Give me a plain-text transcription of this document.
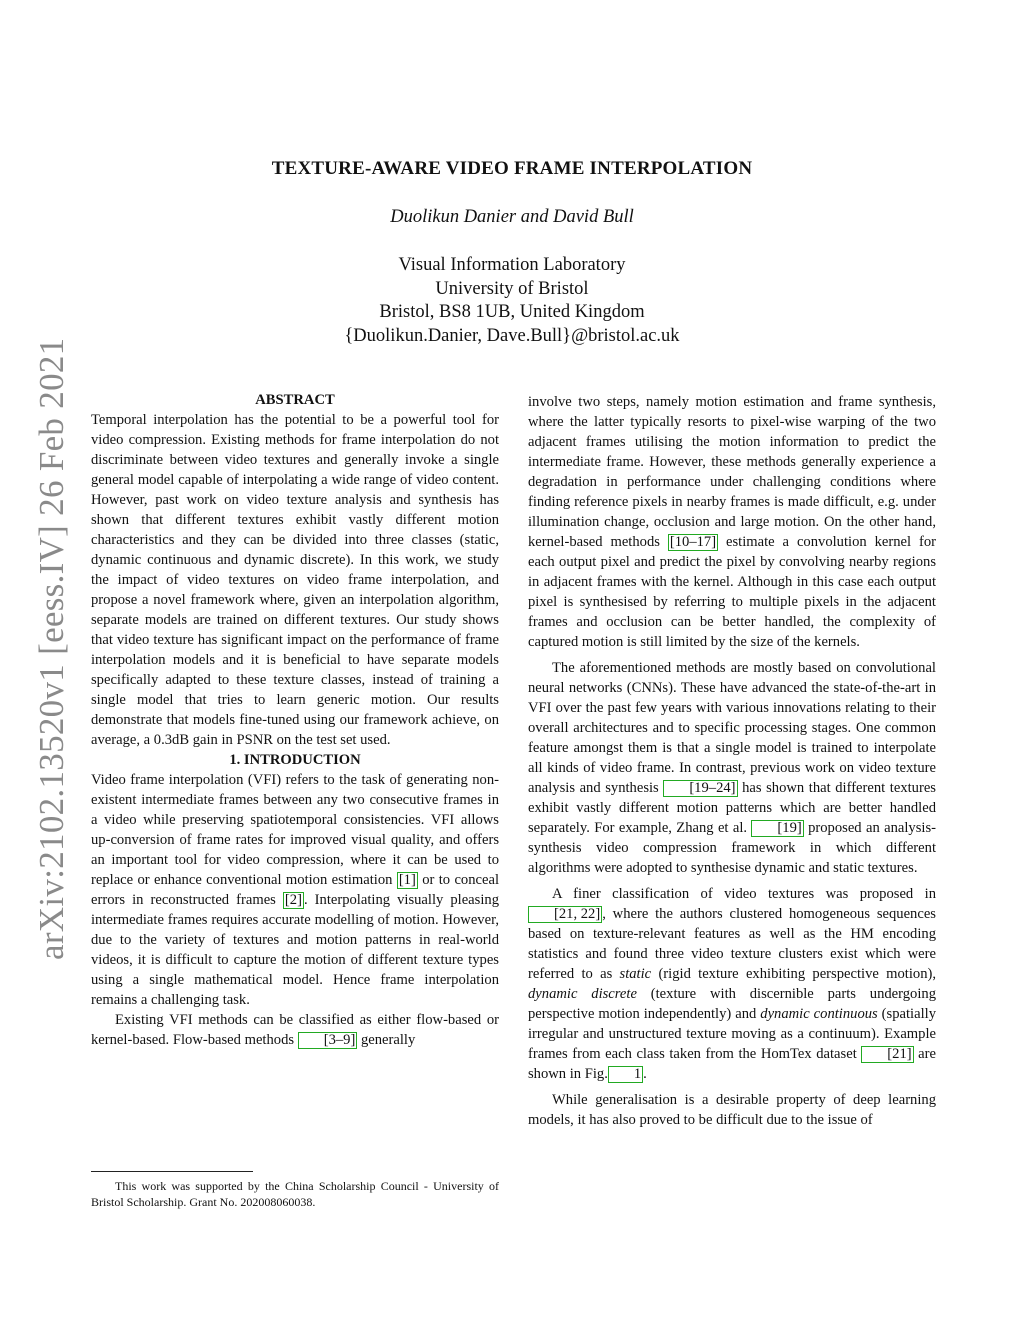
arXiv:2102.13520v1 [eess.IV] 26 Feb 2021
TEXTURE-AWARE VIDEO FRAME INTERPOLATION
Duolikun Danier and David Bull
Visual Information Laboratory
University of Bristol
Bristol, BS8 1UB, United Kingdom
{Duolikun.Danier, Dave.Bull}@bristol.ac.uk

ABSTRACT

Temporal interpolation has the potential to be a powerful tool for video compression. Existing methods for frame interpolation do not discriminate between video textures and generally invoke a single general model capable of interpolating a wide range of video content. However, past work on video texture analysis and synthesis has shown that different textures exhibit vastly different motion characteristics and they can be divided into three classes (static, dynamic continuous and dynamic discrete). In this work, we study the impact of video textures on video frame interpolation, and propose a novel framework where, given an interpolation algorithm, separate models are trained on different textures. Our study shows that video texture has significant impact on the performance of frame interpolation models and it is beneficial to have separate models specifically adapted to these texture classes, instead of training a single model that tries to learn generic motion. Our results demonstrate that models fine-tuned using our framework achieve, on average, a 0.3dB gain in PSNR on the test set used.

1. INTRODUCTION

Video frame interpolation (VFI) refers to the task of generating non-existent intermediate frames between any two consecutive frames in a video while preserving spatiotemporal consistencies. VFI allows up-conversion of frame rates for improved visual quality, and offers an important tool for video compression, where it can be used to replace or enhance conventional motion estimation [1] or to conceal errors in reconstructed frames [2] . Interpolating visually pleasing intermediate frames requires accurate modelling of motion. However, due to the variety of textures and motion patterns in real-world videos, it is difficult to capture the motion of different texture types using a single mathematical model. Hence frame interpolation remains a challenging task.

Existing VFI methods can be classified as either flow-based or kernel-based. Flow-based methods [3–9] generally

involve two steps, namely motion estimation and frame synthesis, where the latter typically resorts to pixel-wise warping of the two adjacent frames utilising the motion information to predict the intermediate frame. However, these methods generally experience a degradation in performance under challenging conditions where finding reference pixels in nearby frames is made difficult, e.g. under illumination change, occlusion and large motion. On the other hand, kernel-based methods [10–17] estimate a convolution kernel for each output pixel and predict the pixel by convolving nearby regions in adjacent frames with the kernel. Although in this case each output pixel is synthesised by referring to multiple pixels in the adjacent frames and occlusion can be better handled, the complexity of captured motion is still limited by the size of the kernels.

The aforementioned methods are mostly based on convolutional neural networks (CNNs). These have advanced the state-of-the-art in VFI over the past few years with various innovations relating to their overall architectures and to specific processing stages. One common feature amongst them is that a single model is trained to interpolate all kinds of video frame. In contrast, previous work on video texture analysis and synthesis [19–24] has shown that different textures exhibit vastly different motion patterns which are better handled separately. For example, Zhang et al. [19] proposed an analysis-synthesis video compression framework in which different algorithms were adopted to synthesise dynamic and static textures.

A finer classification of video textures was proposed in [21, 22] , where the authors clustered homogeneous sequences based on texture-relevant features as well as the HM encoding statistics and found three video texture clusters exist which were referred to as static (rigid texture exhibiting perspective motion), dynamic discrete (texture with discernible parts undergoing perspective motion independently) and dynamic continuous (spatially irregular and unstructured texture moving as a continuum). Example frames from each class taken from the HomTex dataset [21] are shown in Fig. 1 .

While generalisation is a desirable property of deep learning models, it has also proved to be difficult due to the issue of

This work was supported by the China Scholarship Council - University of Bristol Scholarship. Grant No. 202008060038.
